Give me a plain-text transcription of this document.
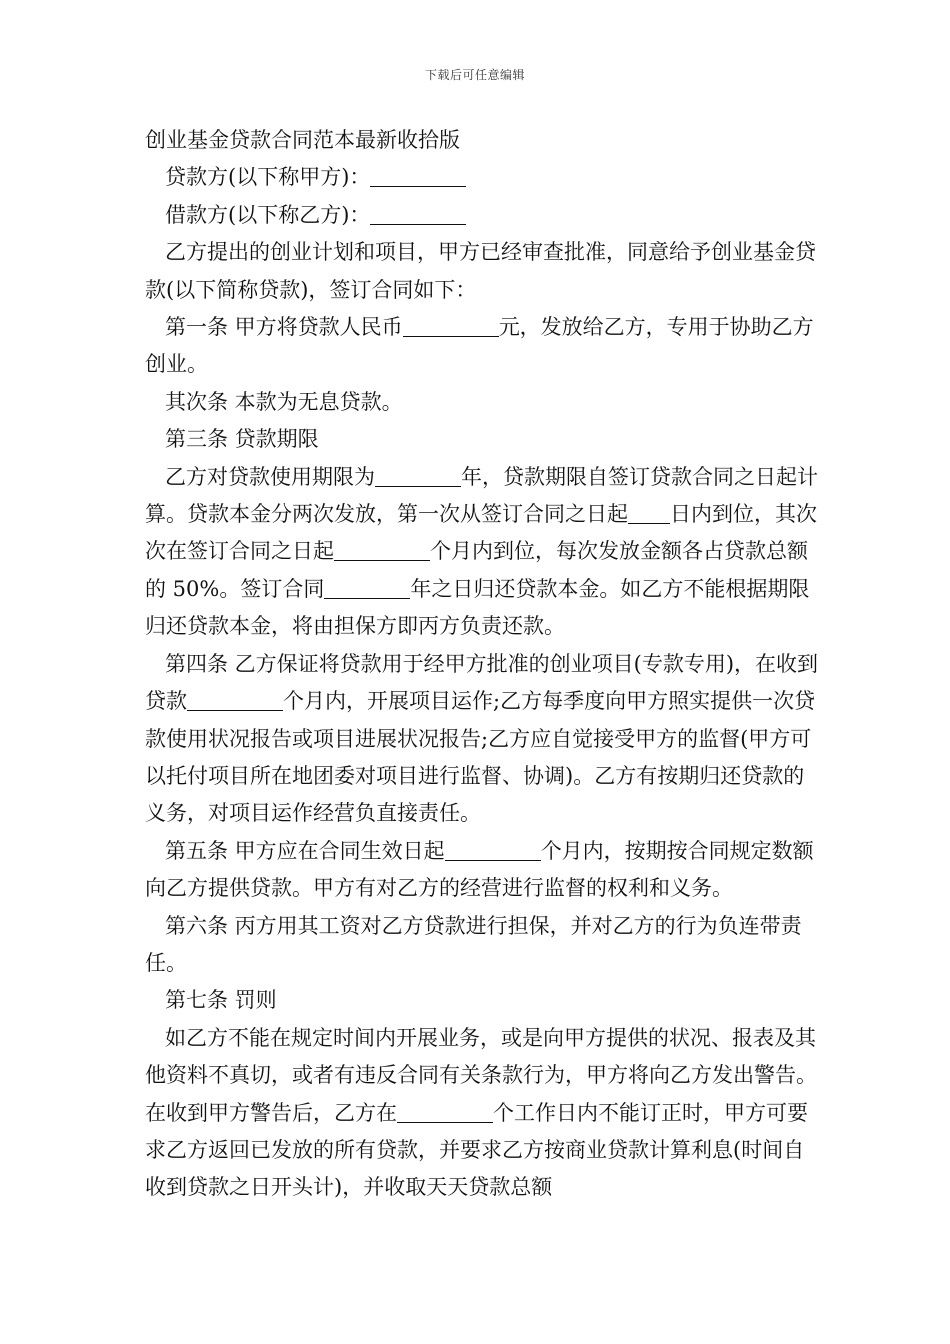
下载后可任意编辑

创业基金贷款合同范本最新收拾版

贷款方(以下称甲方)：

借款方(以下称乙方)：

乙方提出的创业计划和项目，甲方已经审查批准，同意给予创业基金贷款(以下简称贷款)，签订合同如下：

第一条 甲方将贷款人民币	元，发放给乙方，专用于协助乙方创业。

其次条 本款为无息贷款。

第三条 贷款期限

乙方对贷款使用期限为	年，贷款期限自签订贷款合同之日起计算。贷款本金分两次发放，第一次从签订合同之日起 日内到位，其次次在签订合同之日起	个月内到位，每次发放金额各占贷款总额的 50%。签订合同	年之日归还贷款本金。如乙方不能根据期限归还贷款本金，将由担保方即丙方负责还款。

第四条 乙方保证将贷款用于经甲方批准的创业项目(专款专用)，在收到贷款	个月内，开展项目运作;乙方每季度向甲方照实提供一次贷款使用状况报告或项目进展状况报告;乙方应自觉接受甲方的监督(甲方可以托付项目所在地团委对项目进行监督、协调)。乙方有按期归还贷款的义务，对项目运作经营负直接责任。

第五条 甲方应在合同生效日起	个月内，按期按合同规定数额向乙方提供贷款。甲方有对乙方的经营进行监督的权利和义务。

第六条 丙方用其工资对乙方贷款进行担保，并对乙方的行为负连带责任。

第七条 罚则

如乙方不能在规定时间内开展业务，或是向甲方提供的状况、报表及其他资料不真切，或者有违反合同有关条款行为，甲方将向乙方发出警告。在收到甲方警告后，乙方在	个工作日内不能订正时，甲方可要求乙方返回已发放的所有贷款，并要求乙方按商业贷款计算利息(时间自收到贷款之日开头计)，并收取天天贷款总额
